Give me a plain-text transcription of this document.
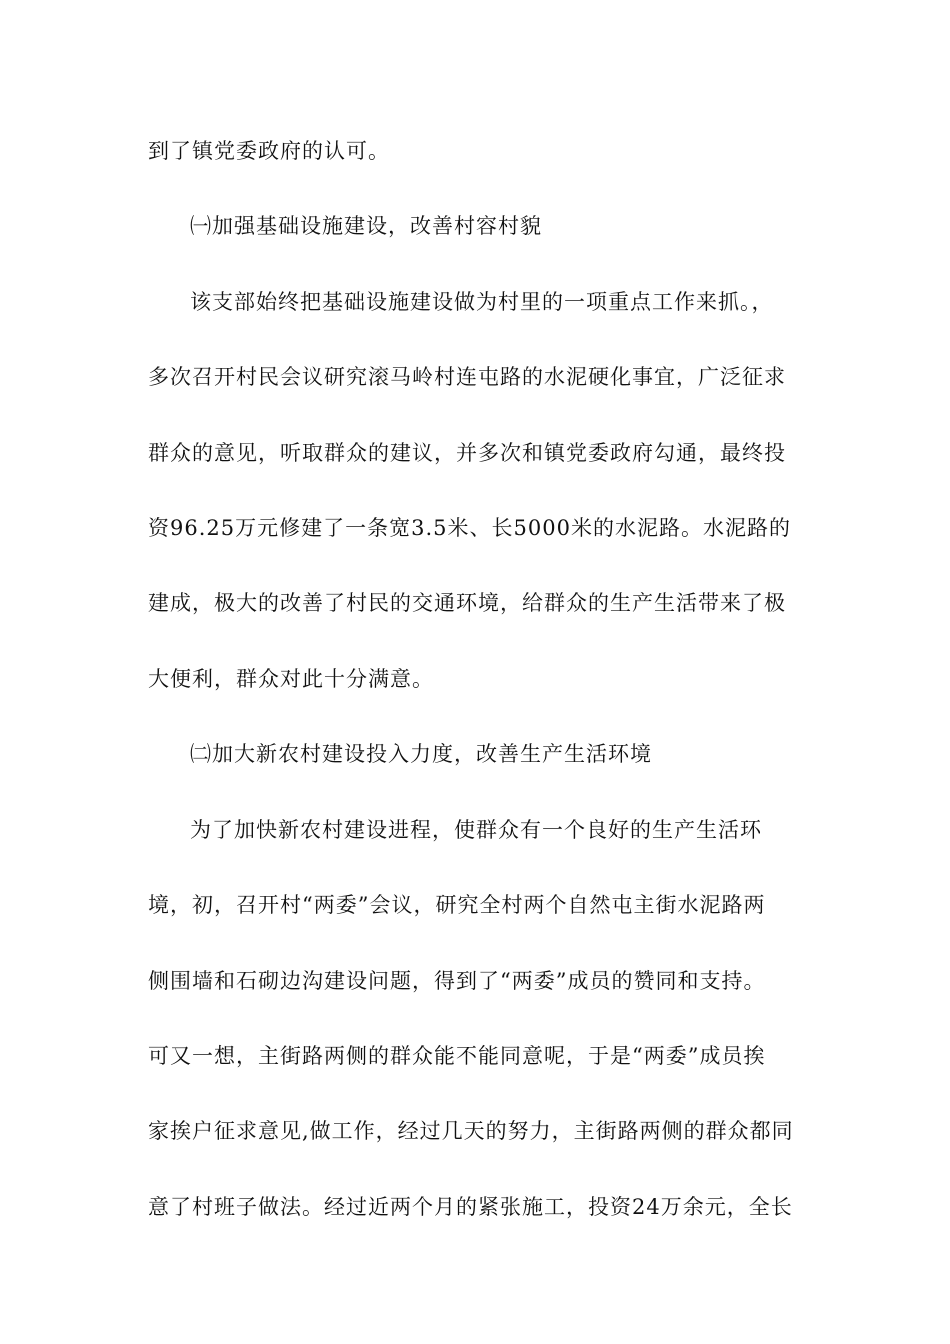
到了镇党委政府的认可。
㈠加强基础设施建设，改善村容村貌
该支部始终把基础设施建设做为村里的一项重点工作来抓。，
多次召开村民会议研究滚马岭村连屯路的水泥硬化事宜，广泛征求
群众的意见，听取群众的建议，并多次和镇党委政府勾通，最终投
资96.25万元修建了一条宽3.5米、长5000米的水泥路。水泥路的
建成，极大的改善了村民的交通环境，给群众的生产生活带来了极
大便利，群众对此十分满意。
㈡加大新农村建设投入力度，改善生产生活环境
为了加快新农村建设进程，使群众有一个良好的生产生活环
境，初，召开村“两委”会议，研究全村两个自然屯主街水泥路两
侧围墙和石砌边沟建设问题，得到了“两委”成员的赞同和支持。
可又一想，主街路两侧的群众能不能同意呢，于是“两委”成员挨
家挨户征求意见,做工作，经过几天的努力，主街路两侧的群众都同
意了村班子做法。经过近两个月的紧张施工，投资24万余元，全长
